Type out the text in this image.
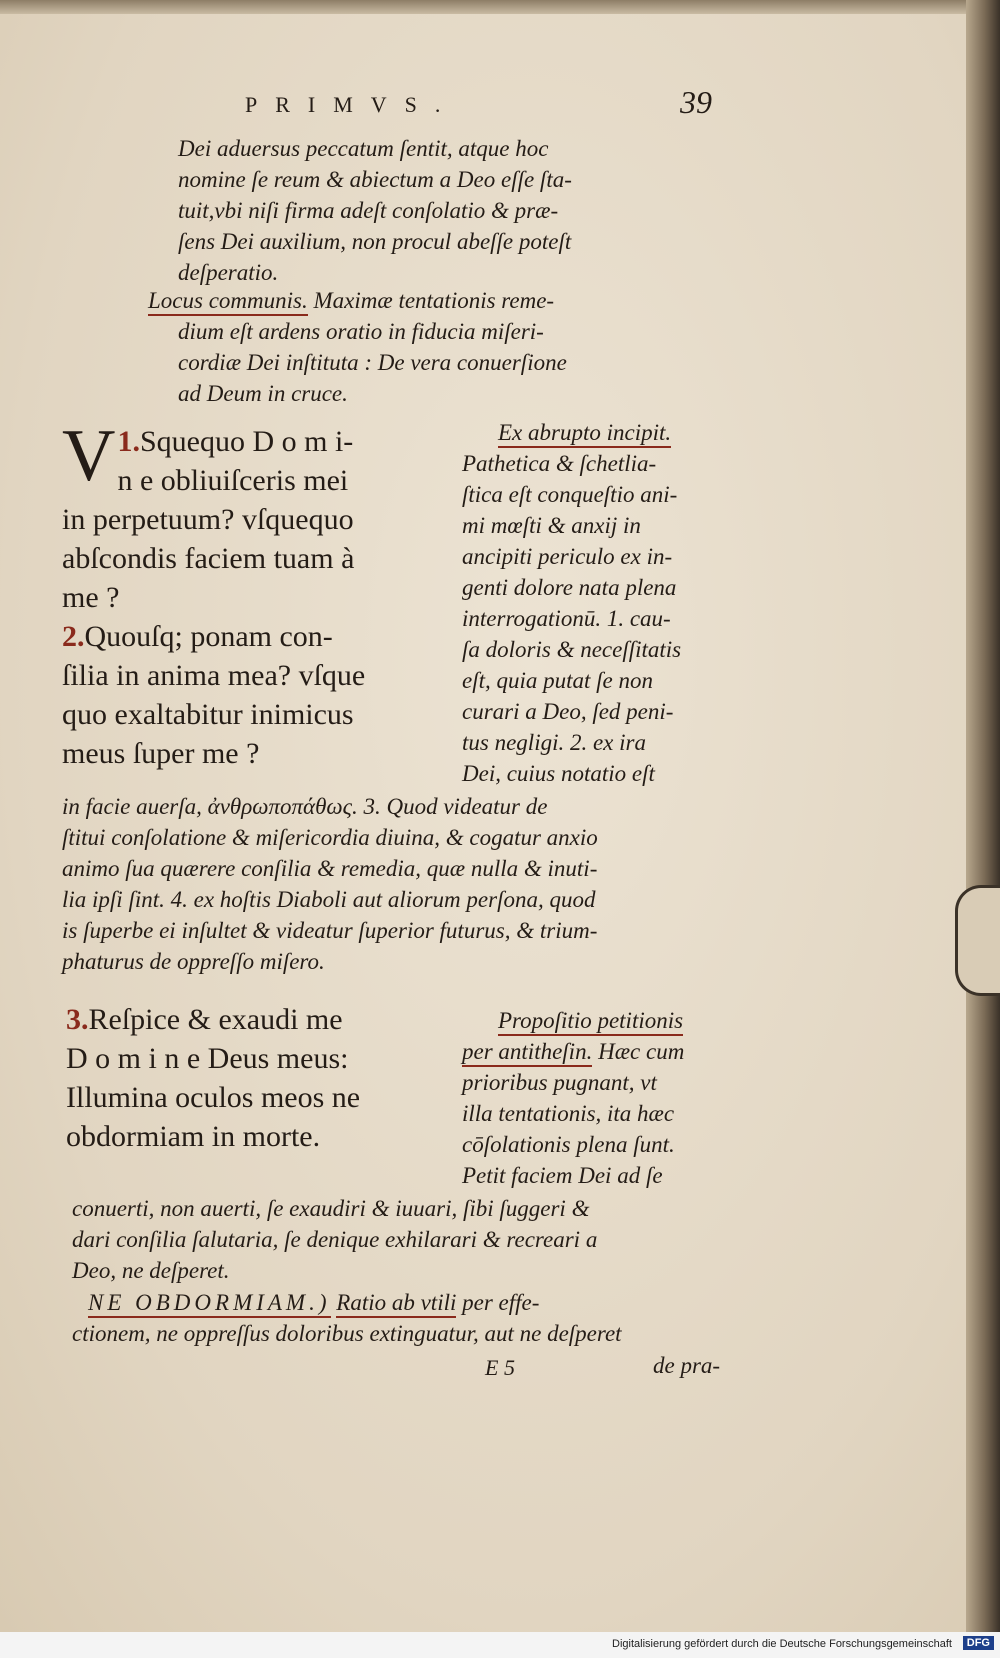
PRIMVS.	39
Dei aduersus peccatum ſentit, atque hoc
nomine ſe reum & abiectum a Deo eſſe ſta-
tuit,vbi niſi firma adeſt conſolatio & præ-
ſens Dei auxilium, non procul abeſſe poteſt
deſperatio.
Locus communis. Maximæ tentationis reme-
dium eſt ardens oratio in fiducia miſeri-
cordiæ Dei inſtituta : De vera conuerſione
ad Deum in cruce.
V 1.Squequo D o m i-
n e obliuiſceris mei
in perpetuum? vſquequo
abſcondis faciem tuam à
me ?
2.Quouſq; ponam con-
ſilia in anima mea? vſque
quo exaltabitur inimicus
meus ſuper me ?
Ex abrupto incipit.
Pathetica & ſchetlia-
ſtica eſt conqueſtio ani-
mi mœſti & anxij in
ancipiti periculo ex in-
genti dolore nata plena
interrogationū. 1. cau-
ſa doloris & neceſſitatis
eſt, quia putat ſe non
curari a Deo, ſed peni-
tus negligi. 2. ex ira
Dei, cuius notatio eſt
in facie auerſa, ἀνθρωποπάθως. 3. Quod videatur de
ſtitui conſolatione & miſericordia diuina, & cogatur anxio
animo ſua quærere conſilia & remedia, quæ nulla & inuti-
lia ipſi ſint. 4. ex hoſtis Diaboli aut aliorum perſona, quod
is ſuperbe ei inſultet & videatur ſuperior futurus, & trium-
phaturus de oppreſſo miſero.
3.Reſpice & exaudi me
D o m i n e Deus meus:
Illumina oculos meos ne
obdormiam in morte.
Propoſitio petitionis
per antitheſin. Hæc cum
prioribus pugnant, vt
illa tentationis, ita hæc
cōſolationis plena ſunt.
Petit faciem Dei ad ſe
conuerti, non auerti, ſe exaudiri & iuuari, ſibi ſuggeri &
dari conſilia ſalutaria, ſe denique exhilarari & recreari a
Deo, ne deſperet.
NE OBDORMIAM.) Ratio ab vtili per effe-
ctionem, ne oppreſſus doloribus extinguatur, aut ne deſperet
E 5	de pra-
Digitalisierung gefördert durch die Deutsche Forschungsgemeinschaft	DFG
